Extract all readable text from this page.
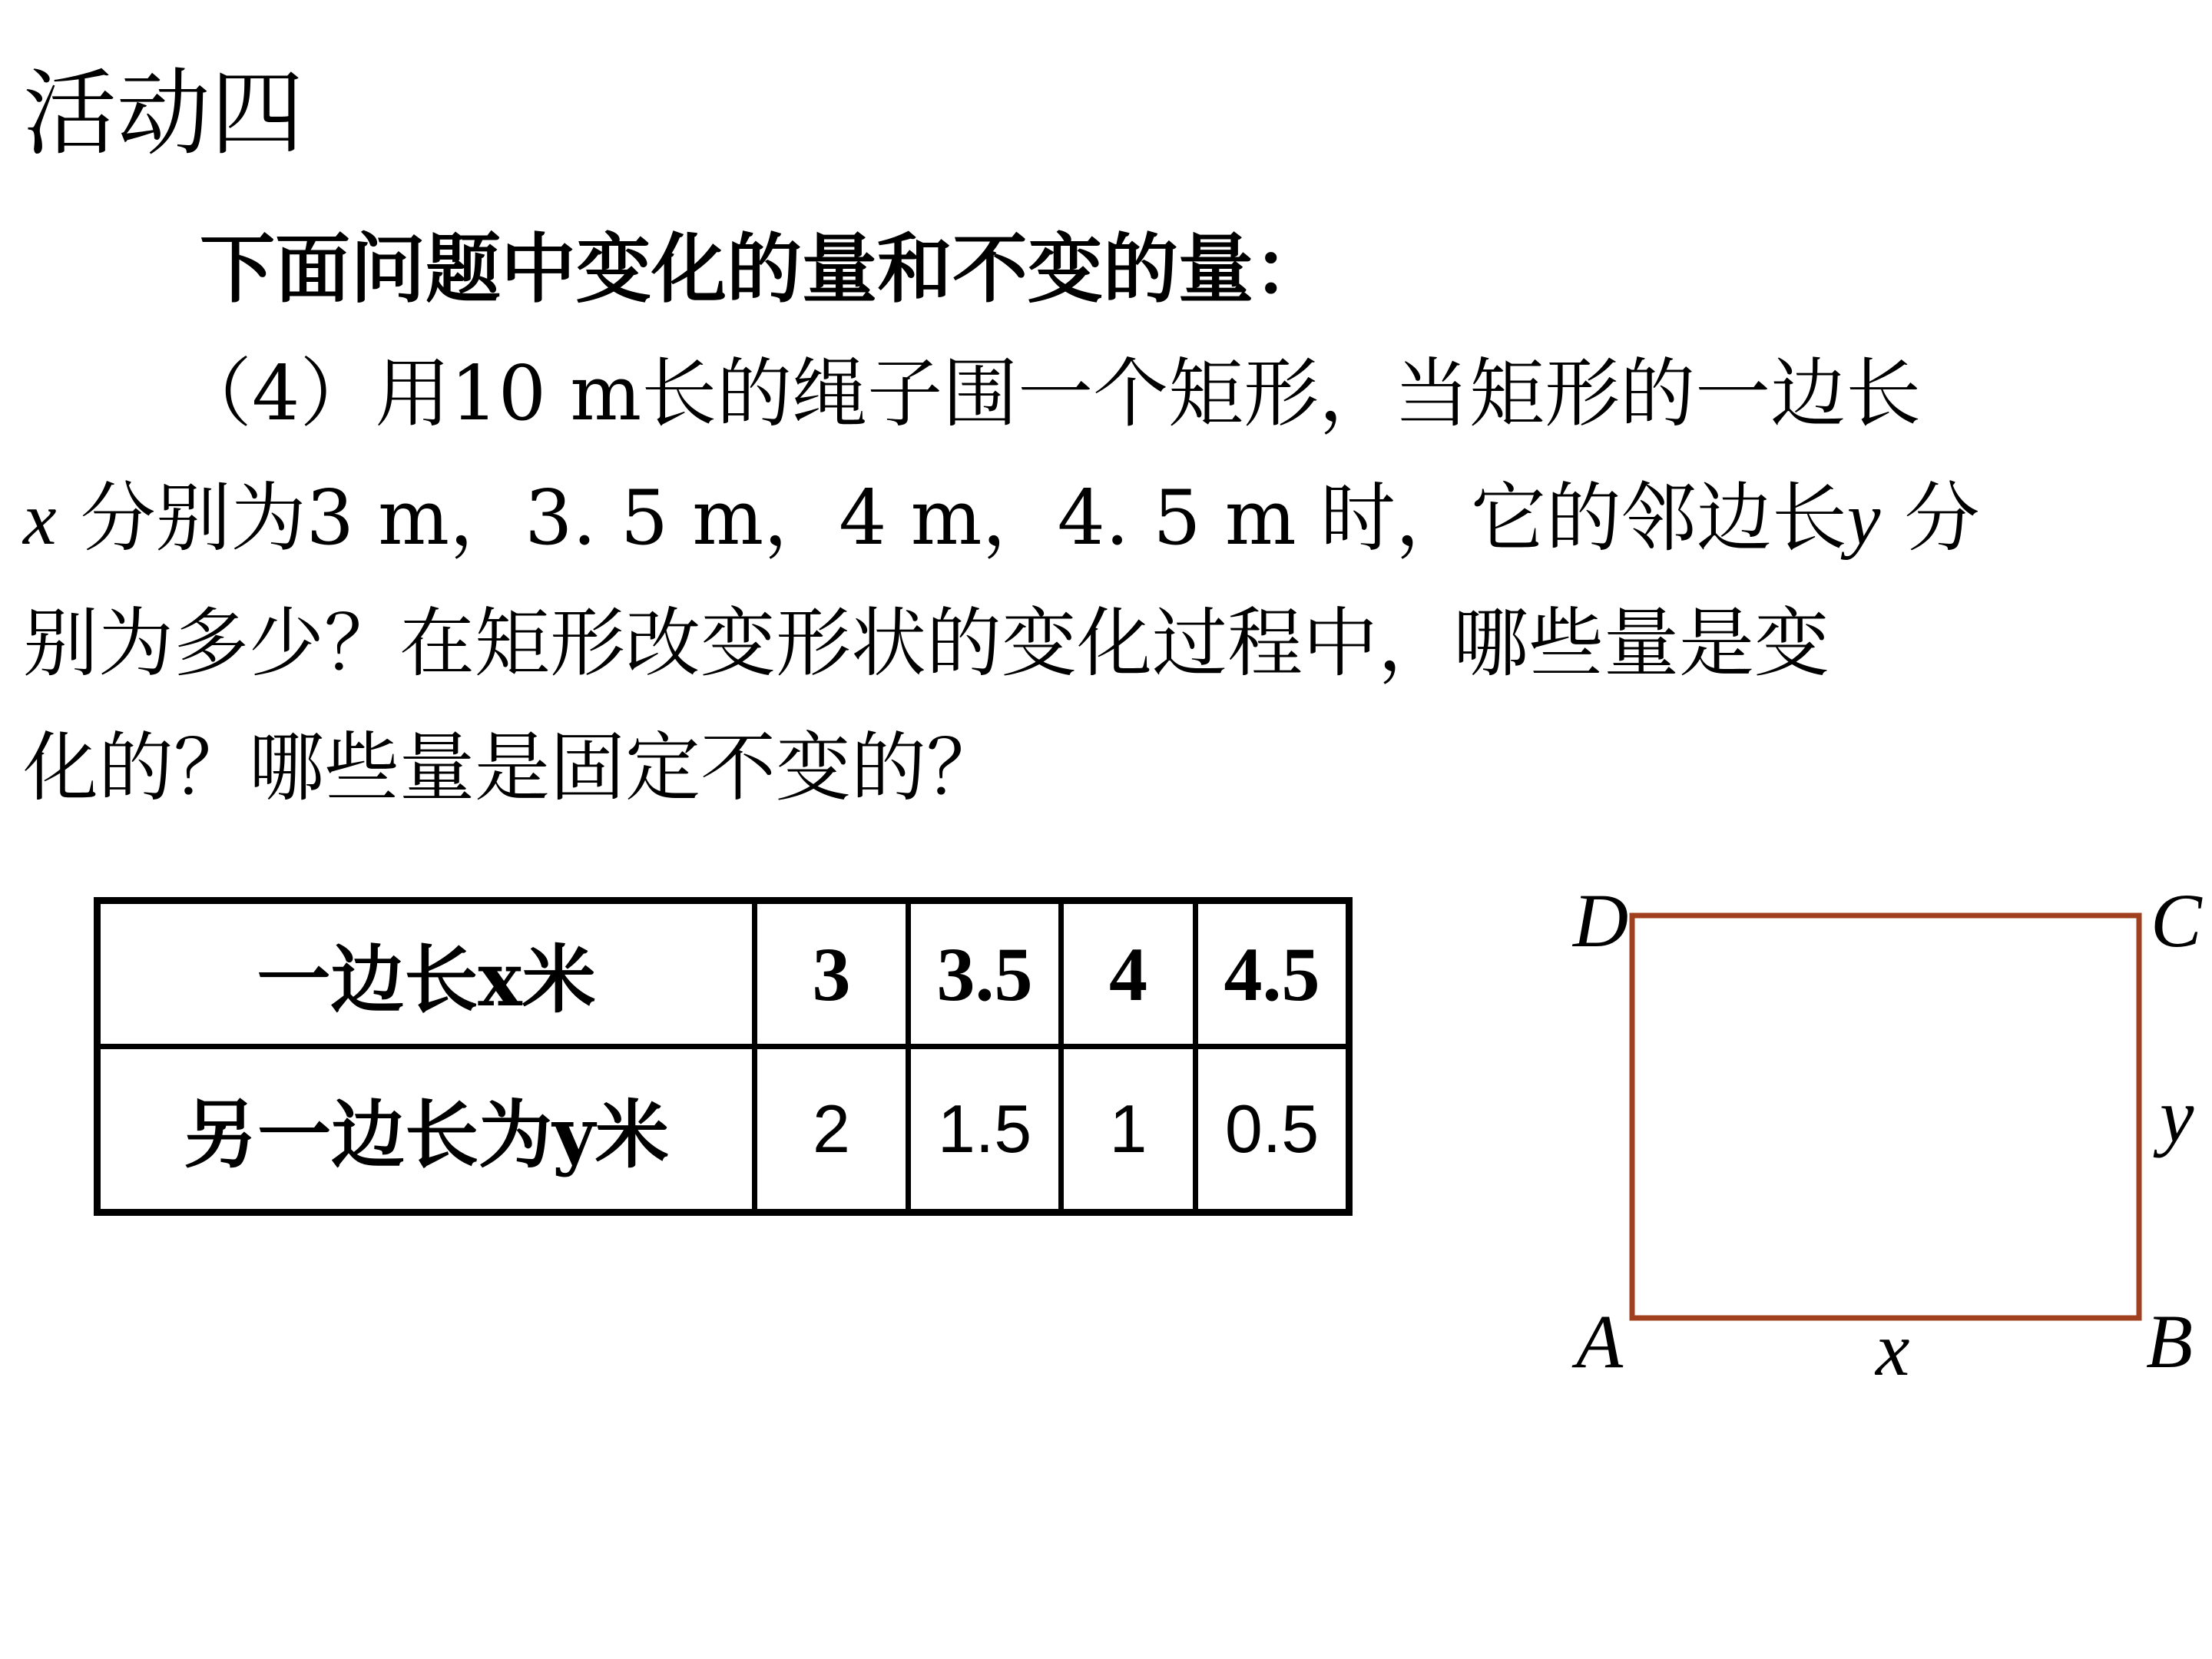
活动四

下面问题中变化的量和不变的量：

（4）用10 m长的绳子围一个矩形，当矩形的一边长
x 分别为3 m，3. 5 m，4 m，4. 5 m 时，它的邻边长y 分
别为多少？在矩形改变形状的变化过程中，哪些量是变
化的？哪些量是固定不变的？
一边长x米	3	3.5	4	4.5
另一边长为y米	2	1.5	1	0.5
D	C
A	B
x
y
